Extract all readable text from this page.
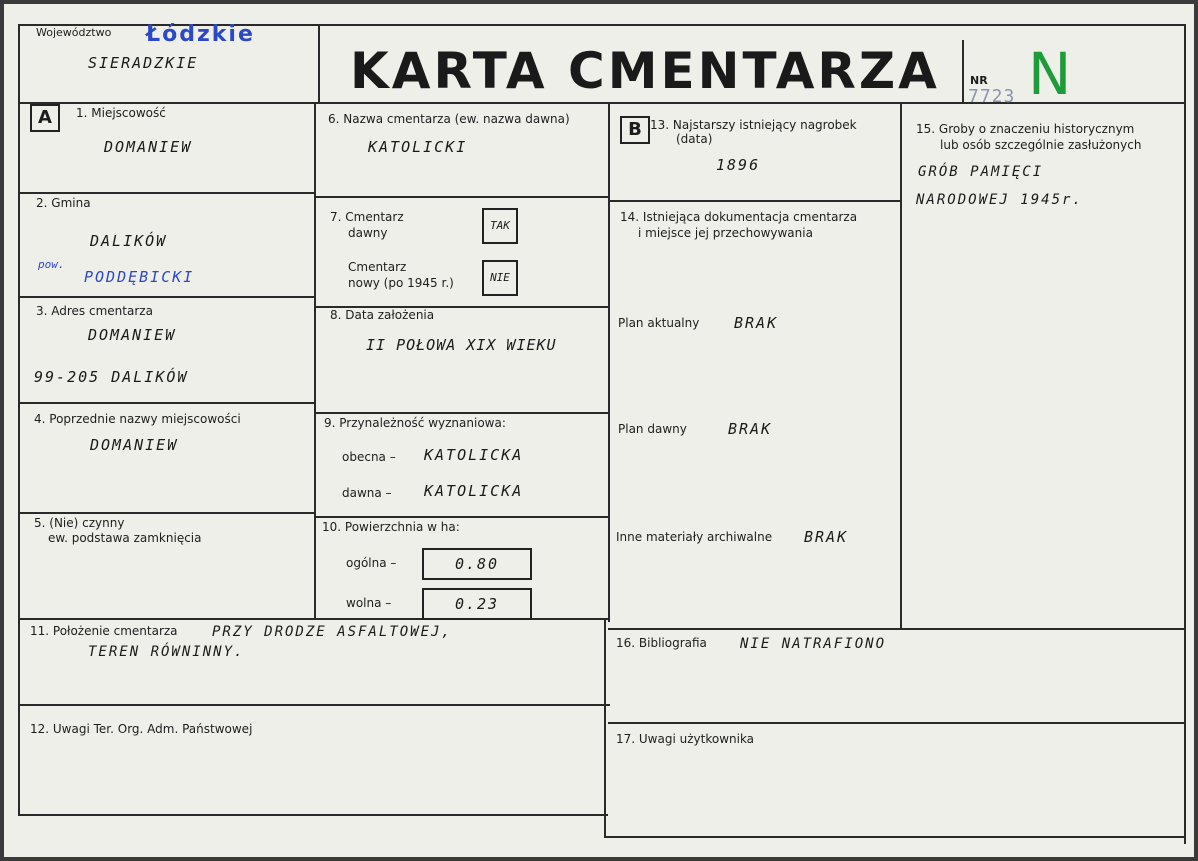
Województwo Łódzkie
SIERADZKIE	KARTA CMENTARZA	NR
7723 N
A	1. Miejscowość
DOMANIEW
2. Gmina
DALIKÓW
pow.
PODDĘBICKI
3. Adres cmentarza
DOMANIEW
99-205 DALIKÓW
4. Poprzednie nazwy miejscowości
DOMANIEW
5. (Nie) czynny
ew. podstawa zamknięcia
6. Nazwa cmentarza (ew. nazwa dawna)
KATOLICKI
7. Cmentarz
dawny
TAK
Cmentarz
nowy (po 1945 r.)	NIE
8. Data założenia
II POŁOWA XIX WIEKU
9. Przynależność wyznaniowa:
obecna – KATOLICKA
dawna – KATOLICKA
10. Powierzchnia w ha:
ogólna –	0.80
wolna –	0.23
B 13. Najstarszy istniejący nagrobek
(data)
1896
14. Istniejąca dokumentacja cmentarza
i miejsce jej przechowywania
Plan aktualny BRAK
Plan dawny	BRAK
Inne materiały archiwalne BRAK
15. Groby o znaczeniu historycznym
lub osób szczególnie zasłużonych
GRÓB PAMIĘCI
NARODOWEJ 1945r.
11. Położenie cmentarza PRZY DRODZE ASFALTOWEJ,
TEREN RÓWNINNY.
12. Uwagi Ter. Org. Adm. Państwowej
16. Bibliografia NIE NATRAFIONO
17. Uwagi użytkownika
